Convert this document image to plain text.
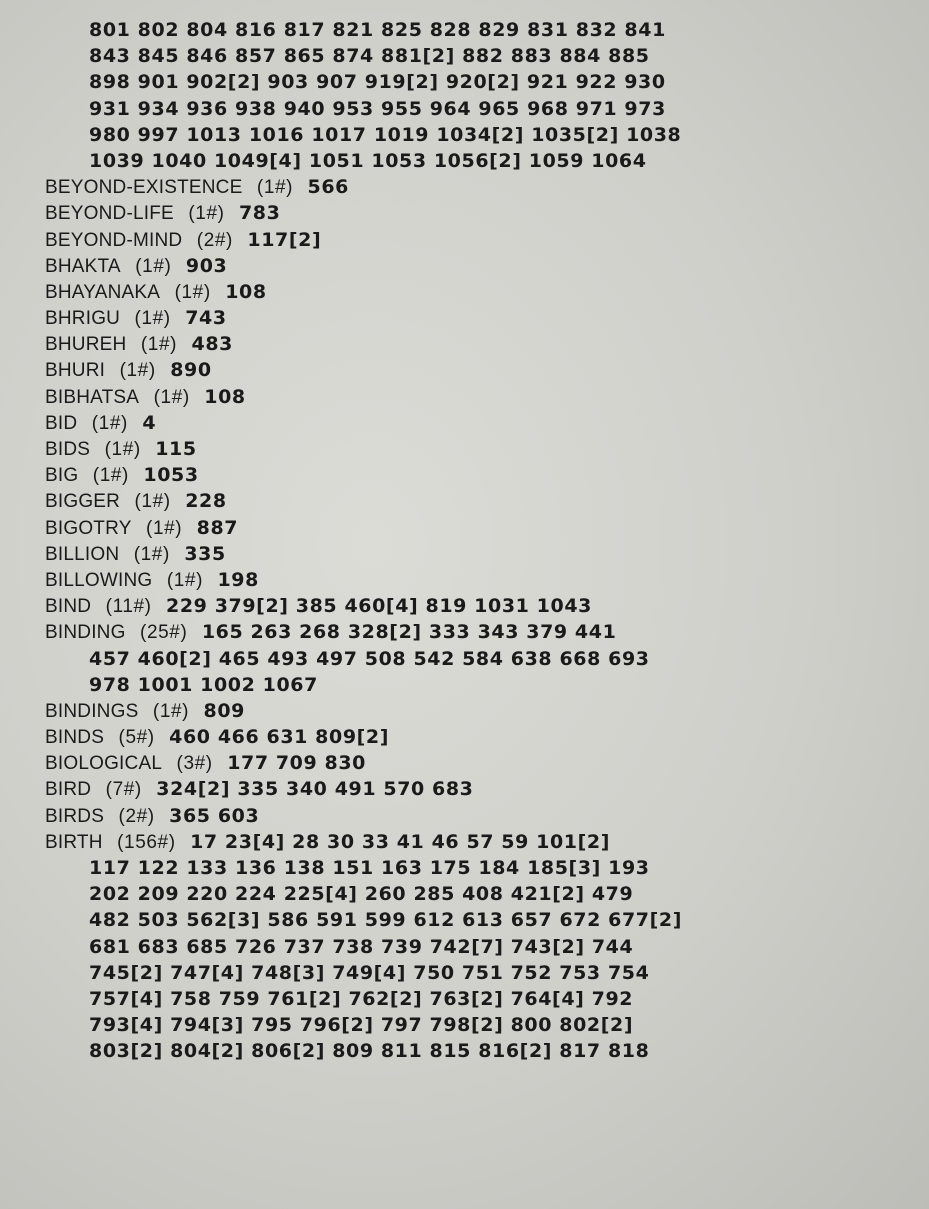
801 802 804 816 817 821 825 828 829 831 832 841
843 845 846 857 865 874 881[2] 882 883 884 885
898 901 902[2] 903 907 919[2] 920[2] 921 922 930
931 934 936 938 940 953 955 964 965 968 971 973
980 997 1013 1016 1017 1019 1034[2] 1035[2] 1038
1039 1040 1049[4] 1051 1053 1056[2] 1059 1064
BEYOND-EXISTENCE (1#) 566
BEYOND-LIFE (1#) 783
BEYOND-MIND (2#) 117[2]
BHAKTA (1#) 903
BHAYANAKA (1#) 108
BHRIGU (1#) 743
BHUREH (1#) 483
BHURI (1#) 890
BIBHATSA (1#) 108
BID (1#) 4
BIDS (1#) 115
BIG (1#) 1053
BIGGER (1#) 228
BIGOTRY (1#) 887
BILLION (1#) 335
BILLOWING (1#) 198
BIND (11#) 229 379[2] 385 460[4] 819 1031 1043
BINDING (25#) 165 263 268 328[2] 333 343 379 441
457 460[2] 465 493 497 508 542 584 638 668 693
978 1001 1002 1067
BINDINGS (1#) 809
BINDS (5#) 460 466 631 809[2]
BIOLOGICAL (3#) 177 709 830
BIRD (7#) 324[2] 335 340 491 570 683
BIRDS (2#) 365 603
BIRTH (156#) 17 23[4] 28 30 33 41 46 57 59 101[2]
117 122 133 136 138 151 163 175 184 185[3] 193
202 209 220 224 225[4] 260 285 408 421[2] 479
482 503 562[3] 586 591 599 612 613 657 672 677[2]
681 683 685 726 737 738 739 742[7] 743[2] 744
745[2] 747[4] 748[3] 749[4] 750 751 752 753 754
757[4] 758 759 761[2] 762[2] 763[2] 764[4] 792
793[4] 794[3] 795 796[2] 797 798[2] 800 802[2]
803[2] 804[2] 806[2] 809 811 815 816[2] 817 818
